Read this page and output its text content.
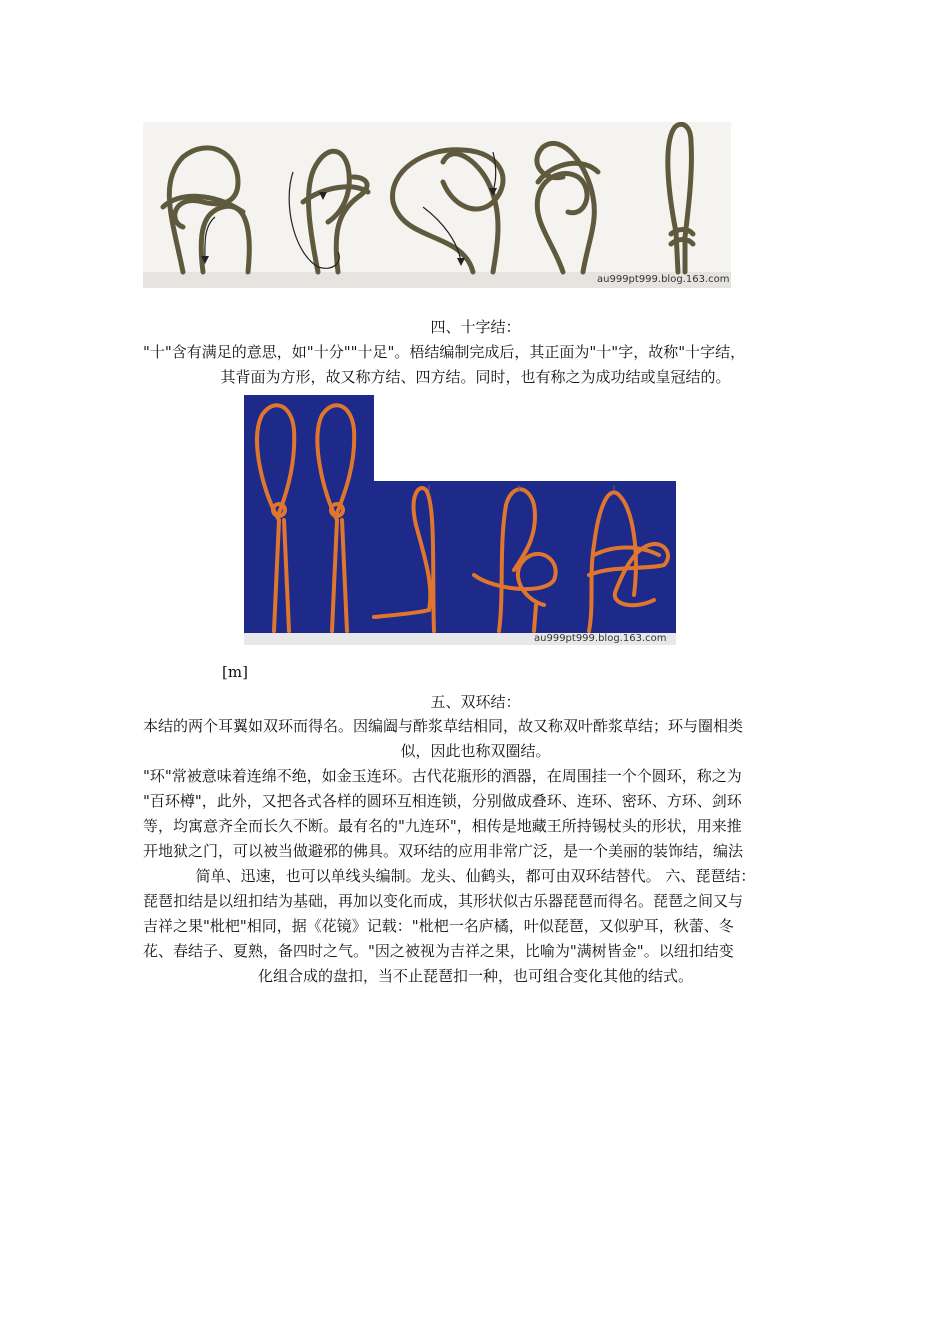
au999pt999.blog.163.com
四、十字结：
"十"含有满足的意思，如"十分""十足"。梧结编制完成后，其正面为"十"字，故称"十字结，
其背面为方形，故又称方结、四方结。同时，也有称之为成功结或皇冠结的。
au999pt999.blog.163.com
[m]
五、双环结：
本结的两个耳翼如双环而得名。因编阖与酢浆草结相同，故又称双叶酢浆草结；环与圈相类
似，因此也称双圈结。
"环"常被意味着连绵不绝，如金玉连环。古代花瓶形的酒器，在周围挂一个个圆环，称之为
"百环樽"，此外，又把各式各样的圆环互相连锁，分别做成叠环、连环、密环、方环、剑环
等，均寓意齐全而长久不断。最有名的"九连环"，相传是地藏王所持锡杖头的形状，用来推
开地狱之门，可以被当做避邪的佛具。双环结的应用非常广泛，是一个美丽的装饰结，编法
简单、迅速，也可以单线头编制。龙头、仙鹤头，都可由双环结替代。 六、琵琶结：
琵琶扣结是以纽扣结为基础，再加以变化而成，其形状似古乐器琵琶而得名。琵琶之间又与
吉祥之果"枇杷"相同，据《花镜》记载："枇杷一名庐橘，叶似琵琶，又似驴耳，秋蕾、冬
花、春结子、夏熟，备四时之气。"因之被视为吉祥之果，比喻为"满树皆金"。以纽扣结变
化组合成的盘扣，当不止琵琶扣一种，也可组合变化其他的结式。
